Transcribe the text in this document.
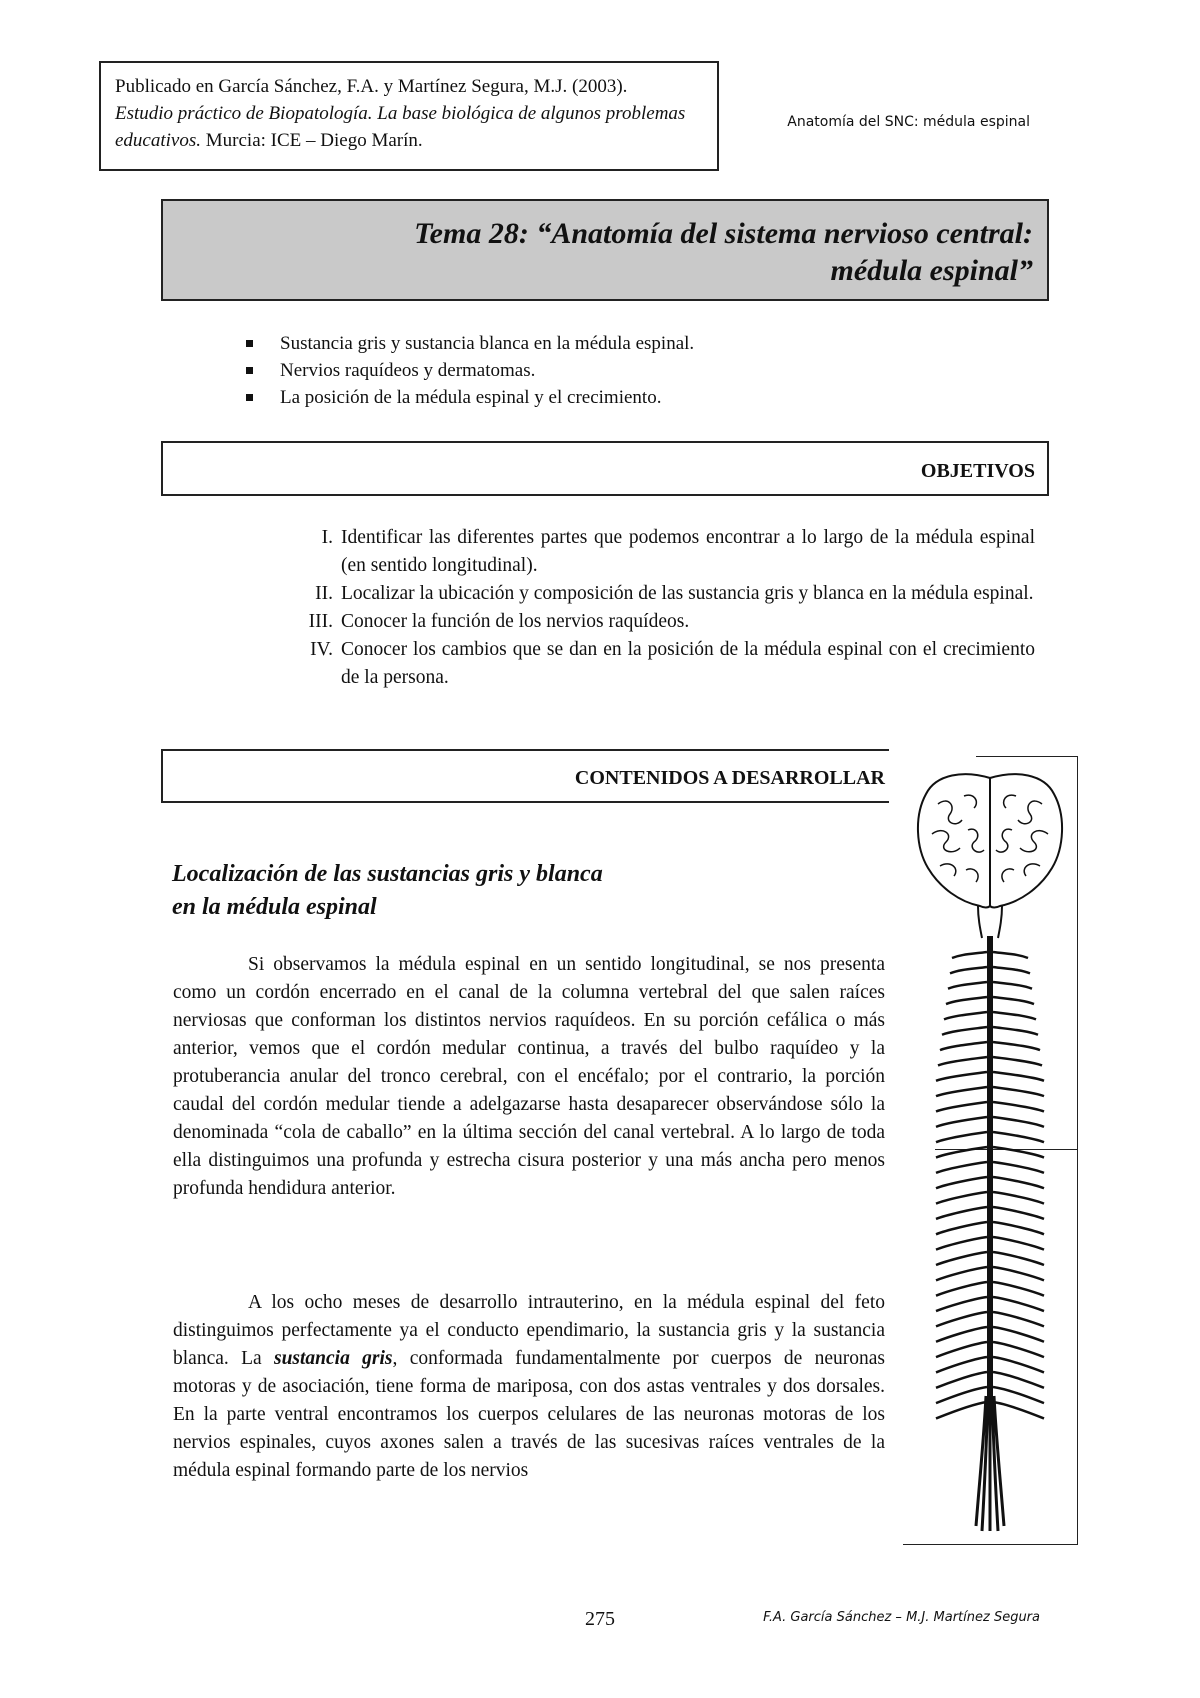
Publicado en García Sánchez, F.A. y Martínez Segura, M.J. (2003).
Estudio práctico de Biopatología. La base biológica de algunos problemas educativos. Murcia: ICE – Diego Marín.
Anatomía del SNC: médula espinal
Tema 28: “Anatomía del sistema nervioso central:
médula espinal”
Sustancia gris y sustancia blanca en la médula espinal.
Nervios raquídeos y dermatomas.
La posición de la médula espinal y el crecimiento.
OBJETIVOS
I. Identificar las diferentes partes que podemos encontrar a lo largo de la médula espinal (en sentido longitudinal).
II. Localizar la ubicación y composición de las sustancia gris y blanca en la médula espinal.
III. Conocer la función de los nervios raquídeos.
IV. Conocer los cambios que se dan en la posición de la médula espinal con el crecimiento de la persona.
CONTENIDOS A DESARROLLAR
Localización de las sustancias gris y blanca
en la médula espinal

Si observamos la médula espinal en un sentido longitudinal, se nos presenta como un cordón encerrado en el canal de la columna vertebral del que salen raíces nerviosas que conforman los distintos nervios raquídeos. En su porción cefálica o más anterior, vemos que el cordón medular continua, a través del bulbo raquídeo y la protuberancia anular del tronco cerebral, con el encéfalo; por el contrario, la porción caudal del cordón medular tiende a adelgazarse hasta desaparecer observándose sólo la denominada “cola de caballo” en la última sección del canal vertebral. A lo largo de toda ella distinguimos una profunda y estrecha cisura posterior y una más ancha pero menos profunda hendidura anterior.

A los ocho meses de desarrollo intrauterino, en la médula espinal del feto distinguimos perfectamente ya el conducto ependimario, la sustancia gris y la sustancia blanca. La sustancia gris, conformada fundamentalmente por cuerpos de neuronas motoras y de asociación, tiene forma de mariposa, con dos astas ventrales y dos dorsales. En la parte ventral encontramos los cuerpos celulares de las neuronas motoras de los nervios espinales, cuyos axones salen a través de las sucesivas raíces ventrales de la médula espinal formando parte de los nervios

275	F.A. García Sánchez – M.J. Martínez Segura
